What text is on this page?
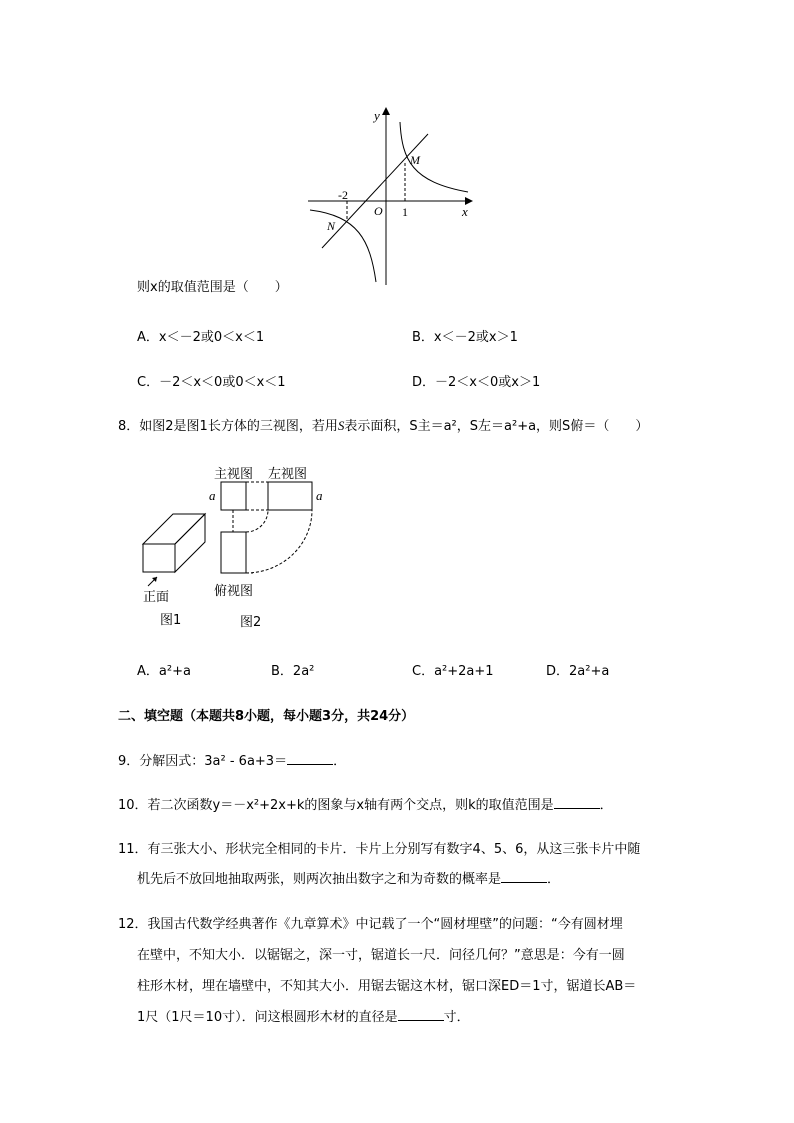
y
x
O
M
N
-2
1
则x的取值范围是（　　）
A．x＜－2或0＜x＜1	B．x＜－2或x＞1
C．－2＜x＜0或0＜x＜1	D．－2＜x＜0或x＞1
8．如图2是图1长方体的三视图，若用S表示面积，S主＝a²，S左＝a²+a，则S俯＝（　　）
主视图 左视图
a	a
俯视图
正面
图1	图2
A．a²+a	B．2a²	C．a²+2a+1	D．2a²+a
二、填空题（本题共8小题，每小题3分，共24分）
9．分解因式：3a² - 6a+3＝	．
10．若二次函数y＝－x²+2x+k的图象与x轴有两个交点，则k的取值范围是	．
11．有三张大小、形状完全相同的卡片．卡片上分别写有数字4、5、6，从这三张卡片中随
机先后不放回地抽取两张，则两次抽出数字之和为奇数的概率是	．
12．我国古代数学经典著作《九章算术》中记载了一个“圆材埋壁”的问题：“今有圆材埋
在壁中，不知大小．以锯锯之，深一寸，锯道长一尺．问径几何？”意思是：今有一圆
柱形木材，埋在墙壁中，不知其大小．用锯去锯这木材，锯口深ED＝1寸，锯道长AB＝
1尺（1尺＝10寸）．问这根圆形木材的直径是	寸．
